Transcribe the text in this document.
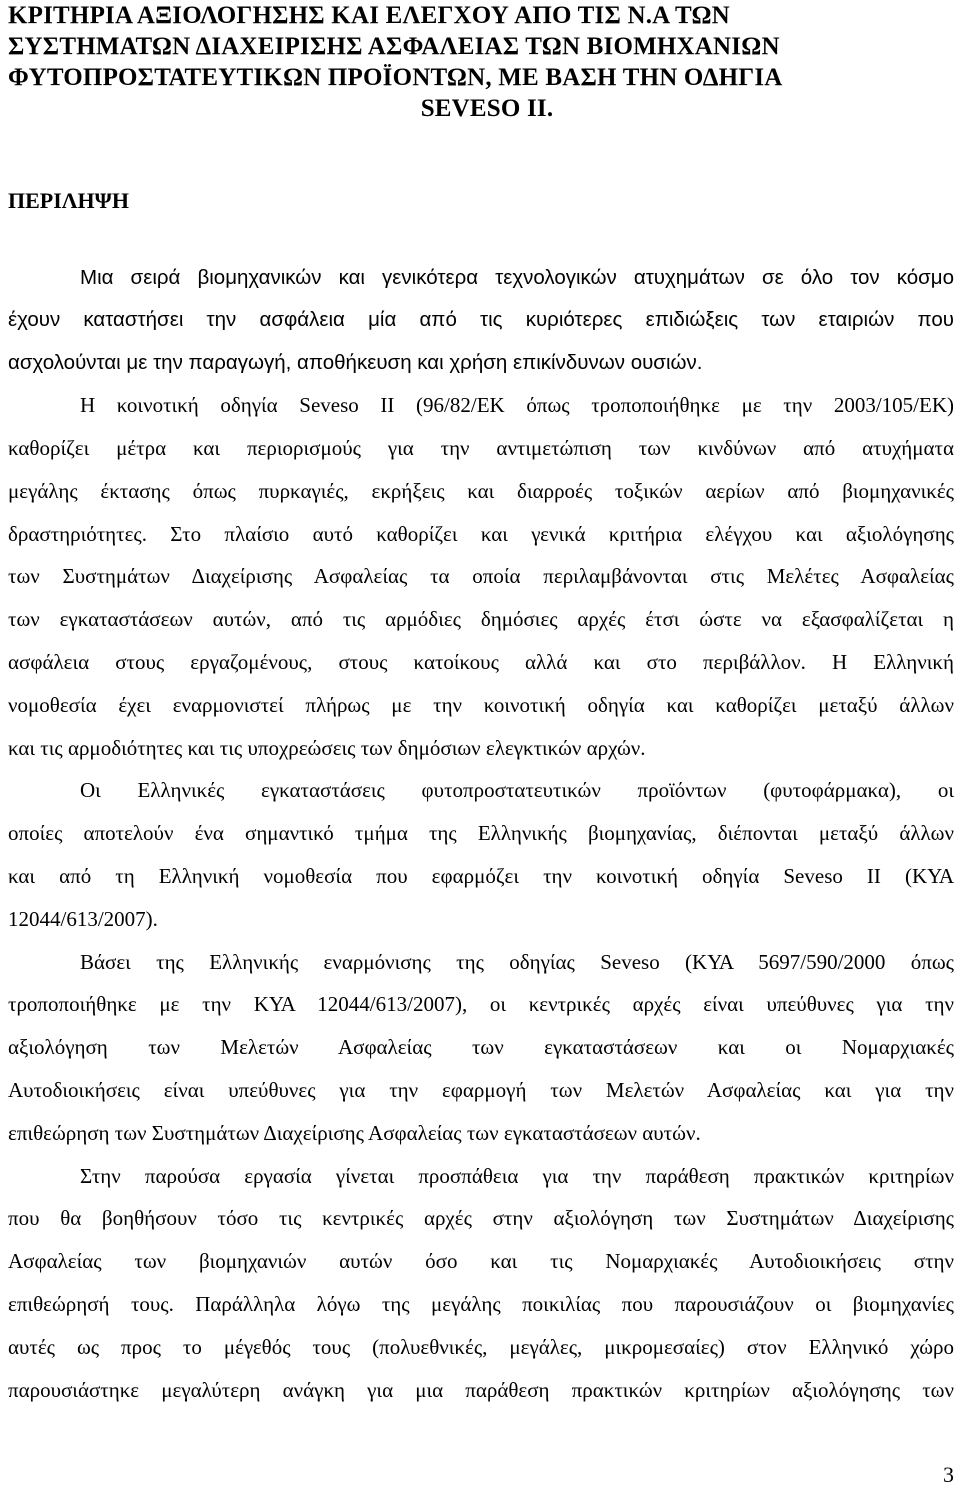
ΚΡΙΤΗΡΙΑ ΑΞΙΟΛΟΓΗΣΗΣ ΚΑΙ ΕΛΕΓΧΟΥ ΑΠΟ ΤΙΣ Ν.Α ΤΩΝ
ΣΥΣΤΗΜΑΤΩΝ ΔΙΑΧΕΙΡΙΣΗΣ ΑΣΦΑΛΕΙΑΣ ΤΩΝ ΒΙΟΜΗΧΑΝΙΩΝ
ΦΥΤΟΠΡΟΣΤΑΤΕΥΤΙΚΩΝ ΠΡΟΪΟΝΤΩΝ, ΜΕ ΒΑΣΗ ΤΗΝ ΟΔΗΓΙΑ
SEVESO II.
ΠΕΡΙΛΗΨΗ
Μια σειρά βιομηχανικών και γενικότερα τεχνολογικών ατυχημάτων σε όλο τον κόσμο
έχουν καταστήσει την ασφάλεια μία από τις κυριότερες επιδιώξεις των εταιριών που
ασχολούνται με την παραγωγή, αποθήκευση και χρήση επικίνδυνων ουσιών.

Η κοινοτική οδηγία Seveso II (96/82/ΕΚ όπως τροποποιήθηκε με την 2003/105/ΕΚ)
καθορίζει μέτρα και περιορισμούς για την αντιμετώπιση των κινδύνων από ατυχήματα
μεγάλης έκτασης όπως πυρκαγιές, εκρήξεις και διαρροές τοξικών αερίων από βιομηχανικές
δραστηριότητες. Στο πλαίσιο αυτό καθορίζει και γενικά κριτήρια ελέγχου και αξιολόγησης
των Συστημάτων Διαχείρισης Ασφαλείας τα οποία περιλαμβάνονται στις Μελέτες Ασφαλείας
των εγκαταστάσεων αυτών, από τις αρμόδιες δημόσιες αρχές έτσι ώστε να εξασφαλίζεται η
ασφάλεια στους εργαζομένους, στους κατοίκους αλλά και στο περιβάλλον. Η Ελληνική
νομοθεσία έχει εναρμονιστεί πλήρως με την κοινοτική οδηγία και καθορίζει μεταξύ άλλων
και τις αρμοδιότητες και τις υποχρεώσεις των δημόσιων ελεγκτικών αρχών.

Οι Ελληνικές εγκαταστάσεις φυτοπροστατευτικών προϊόντων (φυτοφάρμακα), οι
οποίες αποτελούν ένα σημαντικό τμήμα της Ελληνικής βιομηχανίας, διέπονται μεταξύ άλλων
και από τη Ελληνική νομοθεσία που εφαρμόζει την κοινοτική οδηγία Seveso II (ΚΥΑ
12044/613/2007).

Βάσει της Ελληνικής εναρμόνισης της οδηγίας Seveso (ΚΥΑ 5697/590/2000 όπως
τροποποιήθηκε με την ΚΥΑ 12044/613/2007), οι κεντρικές αρχές είναι υπεύθυνες για την
αξιολόγηση των Μελετών Ασφαλείας των εγκαταστάσεων και οι Νομαρχιακές
Αυτοδιοικήσεις είναι υπεύθυνες για την εφαρμογή των Μελετών Ασφαλείας και για την
επιθεώρηση των Συστημάτων Διαχείρισης Ασφαλείας των εγκαταστάσεων αυτών.

Στην παρούσα εργασία γίνεται προσπάθεια για την παράθεση πρακτικών κριτηρίων
που θα βοηθήσουν τόσο τις κεντρικές αρχές στην αξιολόγηση των Συστημάτων Διαχείρισης
Ασφαλείας των βιομηχανιών αυτών όσο και τις Νομαρχιακές Αυτοδιοικήσεις στην
επιθεώρησή τους. Παράλληλα λόγω της μεγάλης ποικιλίας που παρουσιάζουν οι βιομηχανίες
αυτές ως προς το μέγεθός τους (πολυεθνικές, μεγάλες, μικρομεσαίες) στον Ελληνικό χώρο
παρουσιάστηκε μεγαλύτερη ανάγκη για μια παράθεση πρακτικών κριτηρίων αξιολόγησης των

3
